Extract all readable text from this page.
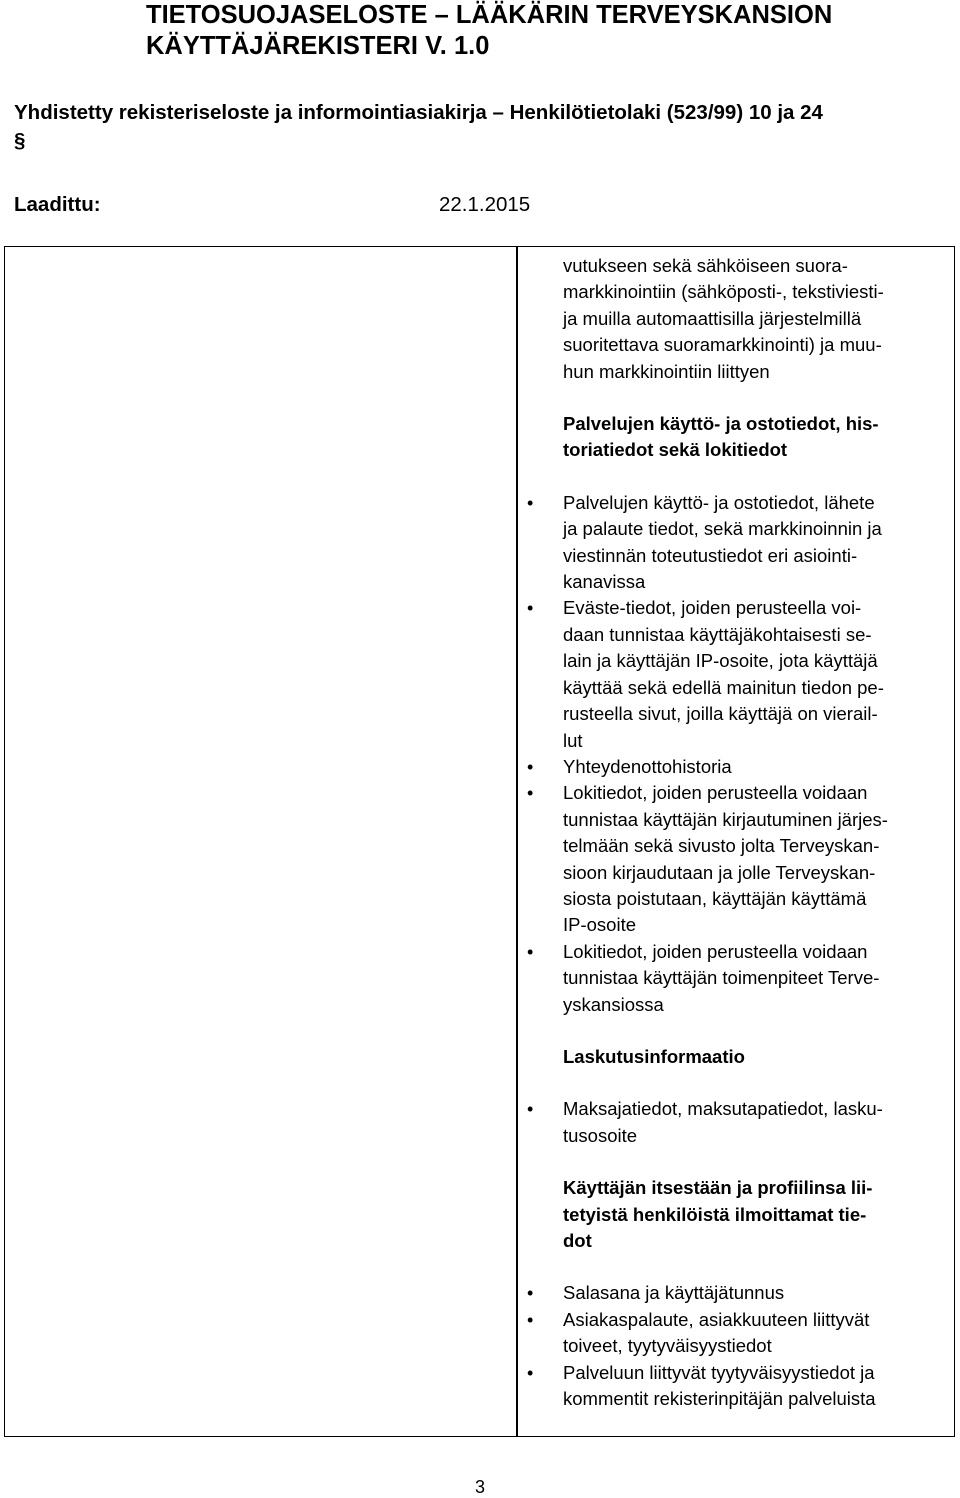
TIETOSUOJASELOSTE – LÄÄKÄRIN TERVEYSKANSION
KÄYTTÄJÄREKISTERI V. 1.0

Yhdistetty rekisteriseloste ja informointiasiakirja – Henkilötietolaki (523/99) 10 ja 24
§

Laadittu:	22.1.2015

vutukseen sekä sähköiseen suora-
markkinointiin (sähköposti-, tekstiviesti-
ja muilla automaattisilla järjestelmillä
suoritettava suoramarkkinointi) ja muu-
hun markkinointiin liittyen

Palvelujen käyttö- ja ostotiedot, his-
toriatiedot sekä lokitiedot

• Palvelujen käyttö- ja ostotiedot, lähete
ja palaute tiedot, sekä markkinoinnin ja
viestinnän toteutustiedot eri asiointi-
kanavissa
• Eväste-tiedot, joiden perusteella voi-
daan tunnistaa käyttäjäkohtaisesti se-
lain ja käyttäjän IP-osoite, jota käyttäjä
käyttää sekä edellä mainitun tiedon pe-
rusteella sivut, joilla käyttäjä on vierail-
lut
• Yhteydenottohistoria
• Lokitiedot, joiden perusteella voidaan
tunnistaa käyttäjän kirjautuminen järjes-
telmään sekä sivusto jolta Terveyskan-
sioon kirjaudutaan ja jolle Terveyskan-
siosta poistutaan, käyttäjän käyttämä
IP-osoite
• Lokitiedot, joiden perusteella voidaan
tunnistaa käyttäjän toimenpiteet Terve-
yskansiossa

Laskutusinformaatio

• Maksajatiedot, maksutapatiedot, lasku-
tusosoite

Käyttäjän itsestään ja profiilinsa lii-
tetyistä henkilöistä ilmoittamat tie-
dot

• Salasana ja käyttäjätunnus
• Asiakaspalaute, asiakkuuteen liittyvät
toiveet, tyytyväisyystiedot
• Palveluun liittyvät tyytyväisyystiedot ja
kommentit rekisterinpitäjän palveluista
3
